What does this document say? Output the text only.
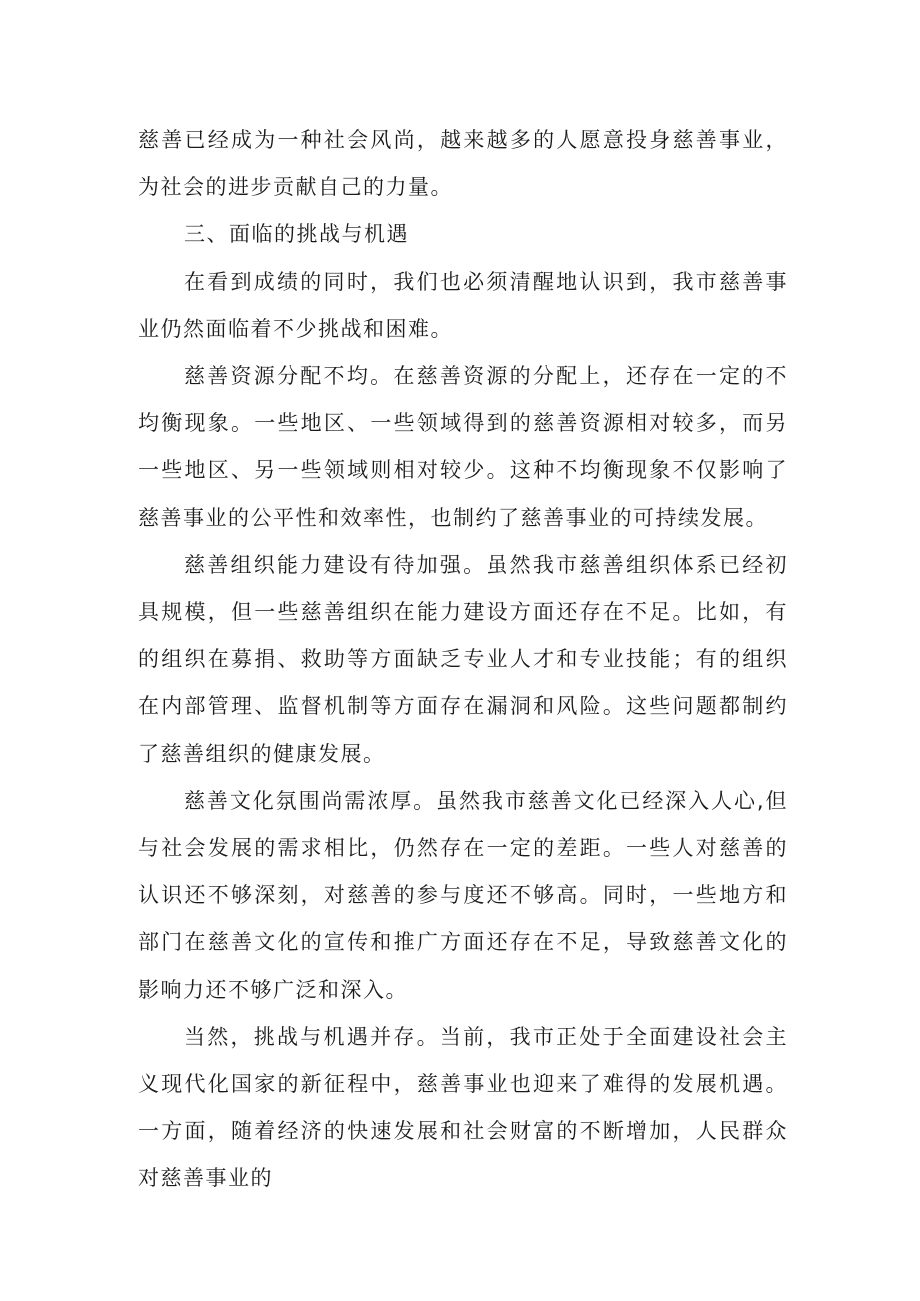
慈善已经成为一种社会风尚，越来越多的人愿意投身慈善事业，为社会的进步贡献自己的力量。

三、面临的挑战与机遇

在看到成绩的同时，我们也必须清醒地认识到，我市慈善事业仍然面临着不少挑战和困难。

慈善资源分配不均。在慈善资源的分配上，还存在一定的不均衡现象。一些地区、一些领域得到的慈善资源相对较多，而另一些地区、另一些领域则相对较少。这种不均衡现象不仅影响了慈善事业的公平性和效率性，也制约了慈善事业的可持续发展。

慈善组织能力建设有待加强。虽然我市慈善组织体系已经初具规模，但一些慈善组织在能力建设方面还存在不足。比如，有的组织在募捐、救助等方面缺乏专业人才和专业技能；有的组织在内部管理、监督机制等方面存在漏洞和风险。这些问题都制约了慈善组织的健康发展。

慈善文化氛围尚需浓厚。虽然我市慈善文化已经深入人心,但与社会发展的需求相比，仍然存在一定的差距。一些人对慈善的认识还不够深刻，对慈善的参与度还不够高。同时，一些地方和部门在慈善文化的宣传和推广方面还存在不足，导致慈善文化的影响力还不够广泛和深入。

当然，挑战与机遇并存。当前，我市正处于全面建设社会主义现代化国家的新征程中，慈善事业也迎来了难得的发展机遇。一方面，随着经济的快速发展和社会财富的不断增加，人民群众对慈善事业的
